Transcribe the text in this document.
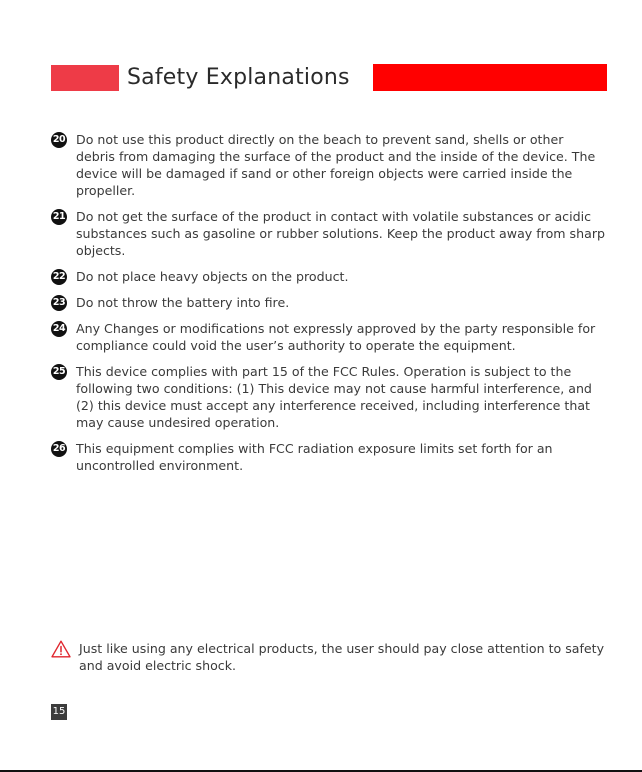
Safety Explanations
20 Do not use this product directly on the beach to prevent sand, shells or other debris from damaging the surface of the product and the inside of the device. The device will be damaged if sand or other foreign objects were carried inside the propeller.
21 Do not get the surface of the product in contact with volatile substances or acidic substances such as gasoline or rubber solutions. Keep the product away from sharp objects.
22 Do not place heavy objects on the product.
23 Do not throw the battery into fire.
24 Any Changes or modifications not expressly approved by the party responsible for compliance could void the user’s authority to operate the equipment.
25 This device complies with part 15 of the FCC Rules. Operation is subject to the following two conditions: (1) This device may not cause harmful interference, and (2) this device must accept any interference received, including interference that may cause undesired operation.
26 This equipment complies with FCC radiation exposure limits set forth for an uncontrolled environment.
Just like using any electrical products, the user should pay close attention to safety and avoid electric shock.
15
